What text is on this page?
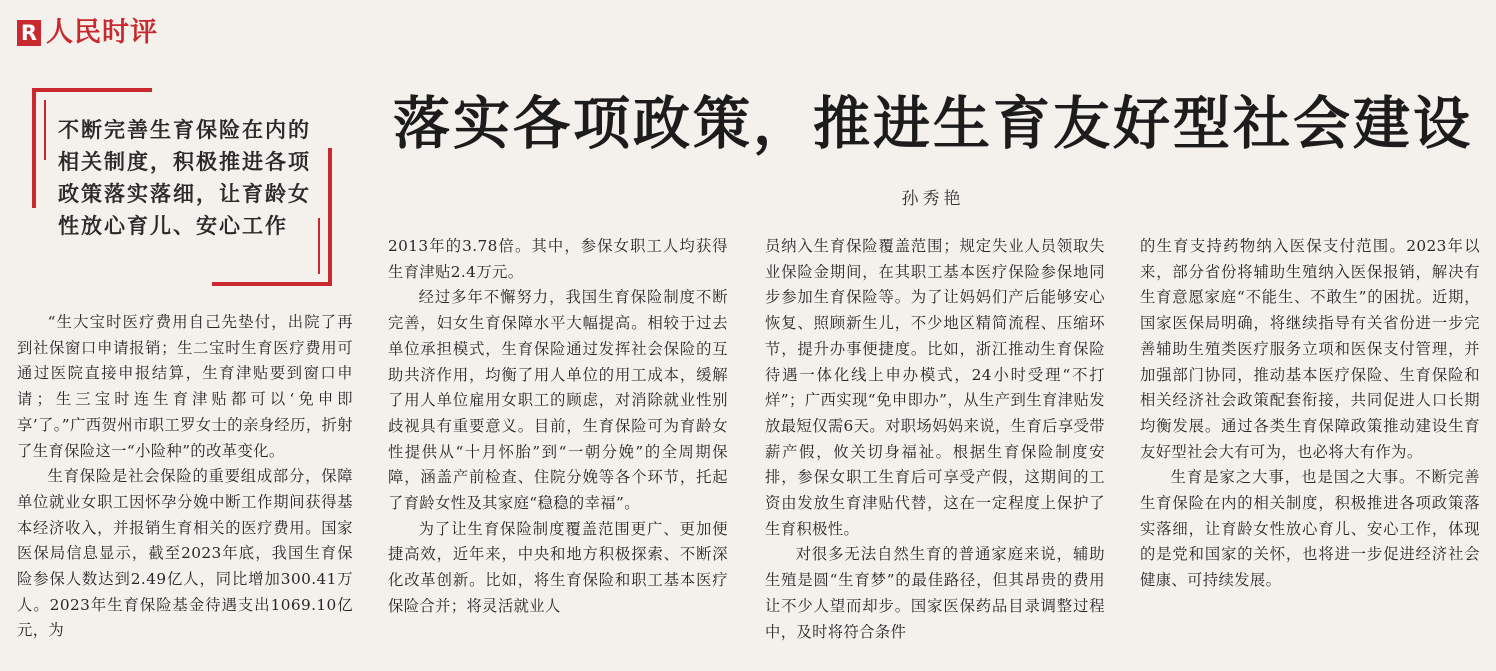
R 人民时评
不断完善生育保险在内的相关制度，积极推进各项政策落实落细，让育龄女性放心育儿、安心工作
落实各项政策，推进生育友好型社会建设
孙秀艳

“生大宝时医疗费用自己先垫付，出院了再到社保窗口申请报销；生二宝时生育医疗费用可通过医院直接申报结算，生育津贴要到窗口申请；生三宝时连生育津贴都可以‘免申即享’了。”广西贺州市职工罗女士的亲身经历，折射了生育保险这一“小险种”的改革变化。

生育保险是社会保险的重要组成部分，保障单位就业女职工因怀孕分娩中断工作期间获得基本经济收入，并报销生育相关的医疗费用。国家医保局信息显示，截至2023年底，我国生育保险参保人数达到2.49亿人，同比增加300.41万人。2023年生育保险基金待遇支出1069.10亿元，为

2013年的3.78倍。其中，参保女职工人均获得生育津贴2.4万元。

经过多年不懈努力，我国生育保险制度不断完善，妇女生育保障水平大幅提高。相较于过去单位承担模式，生育保险通过发挥社会保险的互助共济作用，均衡了用人单位的用工成本，缓解了用人单位雇用女职工的顾虑，对消除就业性别歧视具有重要意义。目前，生育保险可为育龄女性提供从“十月怀胎”到“一朝分娩”的全周期保障，涵盖产前检查、住院分娩等各个环节，托起了育龄女性及其家庭“稳稳的幸福”。

为了让生育保险制度覆盖范围更广、更加便捷高效，近年来，中央和地方积极探索、不断深化改革创新。比如，将生育保险和职工基本医疗保险合并；将灵活就业人

员纳入生育保险覆盖范围；规定失业人员领取失业保险金期间，在其职工基本医疗保险参保地同步参加生育保险等。为了让妈妈们产后能够安心恢复、照顾新生儿，不少地区精简流程、压缩环节，提升办事便捷度。比如，浙江推动生育保险待遇一体化线上申办模式，24小时受理“不打烊”；广西实现“免申即办”，从生产到生育津贴发放最短仅需6天。对职场妈妈来说，生育后享受带薪产假，攸关切身福祉。根据生育保险制度安排，参保女职工生育后可享受产假，这期间的工资由发放生育津贴代替，这在一定程度上保护了生育积极性。

对很多无法自然生育的普通家庭来说，辅助生殖是圆“生育梦”的最佳路径，但其昂贵的费用让不少人望而却步。国家医保药品目录调整过程中，及时将符合条件

的生育支持药物纳入医保支付范围。2023年以来，部分省份将辅助生殖纳入医保报销，解决有生育意愿家庭“不能生、不敢生”的困扰。近期，国家医保局明确，将继续指导有关省份进一步完善辅助生殖类医疗服务立项和医保支付管理，并加强部门协同，推动基本医疗保险、生育保险和相关经济社会政策配套衔接，共同促进人口长期均衡发展。通过各类生育保障政策推动建设生育友好型社会大有可为，也必将大有作为。

生育是家之大事，也是国之大事。不断完善生育保险在内的相关制度，积极推进各项政策落实落细，让育龄女性放心育儿、安心工作，体现的是党和国家的关怀，也将进一步促进经济社会健康、可持续发展。
